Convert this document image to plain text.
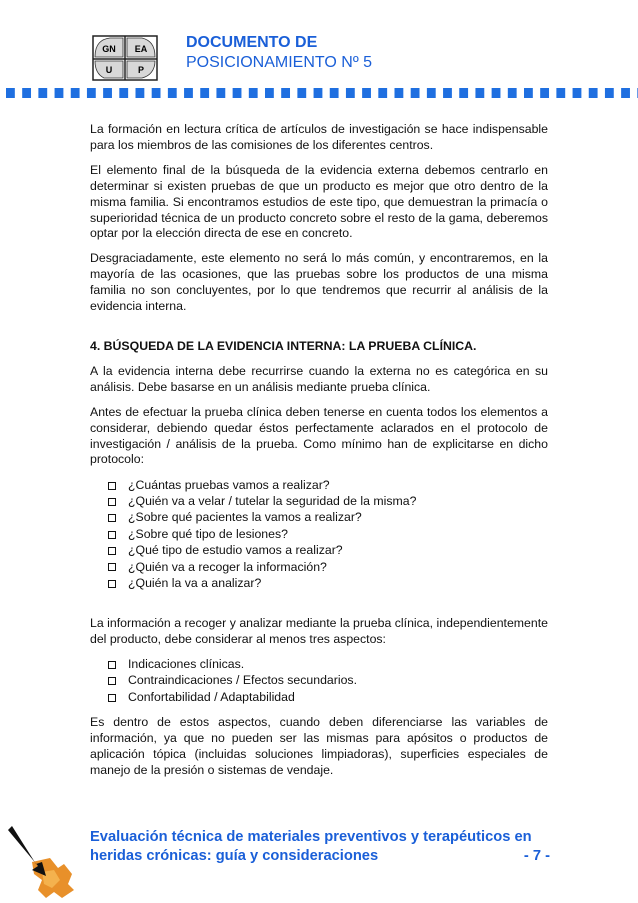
GN EA
U	P
DOCUMENTO DE
POSICIONAMIENTO Nº 5

La formación en lectura crítica de artículos de investigación se hace indispensable para los miembros de las comisiones de los diferentes centros.

El elemento final de la búsqueda de la evidencia externa debemos centrarlo en determinar si existen pruebas de que un producto es mejor que otro dentro de la misma familia. Si encontramos estudios de este tipo, que demuestran la primacía o superioridad técnica de un producto concreto sobre el resto de la gama, deberemos optar por la elección directa de ese en concreto.

Desgraciadamente, este elemento no será lo más común, y encontraremos, en la mayoría de las ocasiones, que las pruebas sobre los productos de una misma familia no son concluyentes, por lo que tendremos que recurrir al análisis de la evidencia interna.

4. BÚSQUEDA DE LA EVIDENCIA INTERNA: LA PRUEBA CLÍNICA.

A la evidencia interna debe recurrirse cuando la externa no es categórica en su análisis. Debe basarse en un análisis mediante prueba clínica.

Antes de efectuar la prueba clínica deben tenerse en cuenta todos los elementos a considerar, debiendo quedar éstos perfectamente aclarados en el protocolo de investigación / análisis de la prueba. Como mínimo han de explicitarse en dicho protocolo:

¿Cuántas pruebas vamos a realizar?
¿Quién va a velar / tutelar la seguridad de la misma?
¿Sobre qué pacientes la vamos a realizar?
¿Sobre qué tipo de lesiones?
¿Qué tipo de estudio vamos a realizar?
¿Quién va a recoger la información?
¿Quién la va a analizar?

La información a recoger y analizar mediante la prueba clínica, independientemente del producto, debe considerar al menos tres aspectos:

Indicaciones clínicas.
Contraindicaciones / Efectos secundarios.
Confortabilidad / Adaptabilidad

Es dentro de estos aspectos, cuando deben diferenciarse las variables de información, ya que no pueden ser las mismas para apósitos o productos de aplicación tópica (incluidas soluciones limpiadoras), superficies especiales de manejo de la presión o sistemas de vendaje.

Evaluación técnica de materiales preventivos y terapéuticos en
heridas crónicas: guía y consideraciones	- 7 -
